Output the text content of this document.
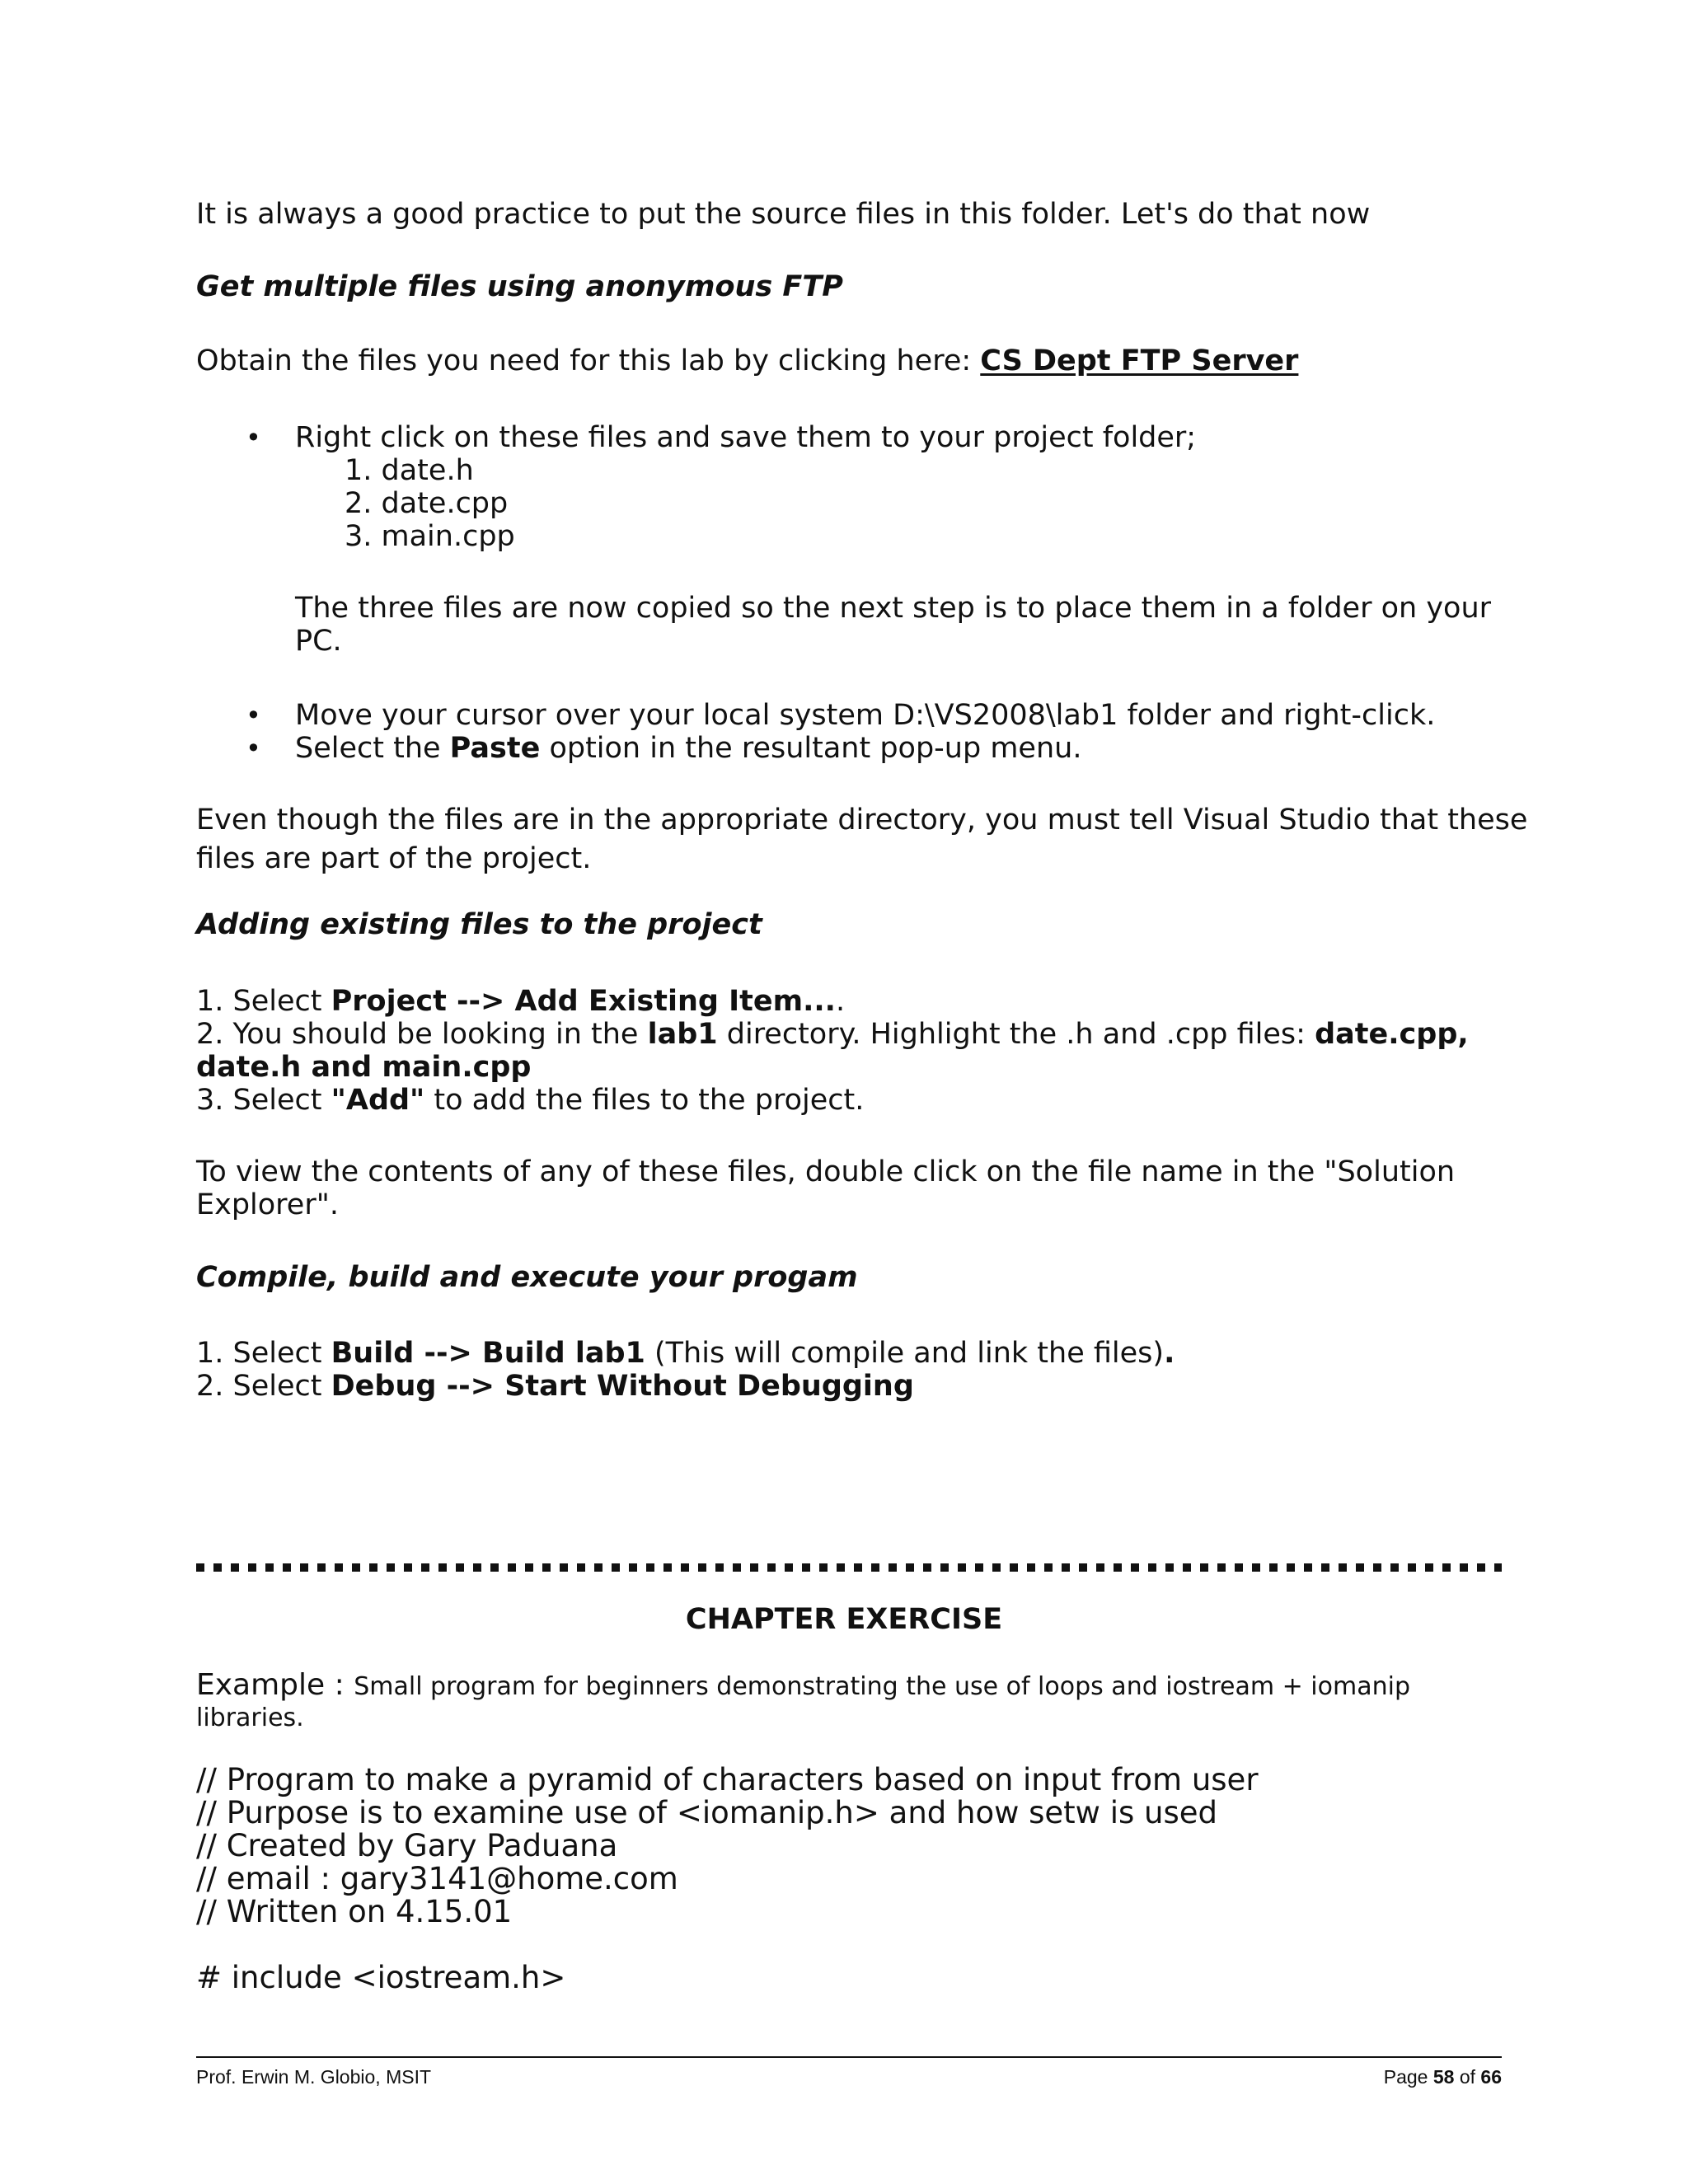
It is always a good practice to put the source files in this folder. Let's do that now

Get multiple files using anonymous FTP

Obtain the files you need for this lab by clicking here: CS Dept FTP Server

• Right click on these files and save them to your project folder;

1. date.h

2. date.cpp

3. main.cpp

The three files are now copied so the next step is to place them in a folder on your

PC.

• Move your cursor over your local system D:\VS2008\lab1 folder and right-click.

• Select the Paste option in the resultant pop-up menu.

Even though the files are in the appropriate directory, you must tell Visual Studio that these

files are part of the project.

Adding existing files to the project

1. Select Project --> Add Existing Item....

2. You should be looking in the lab1 directory. Highlight the .h and .cpp files: date.cpp,

date.h and main.cpp

3. Select "Add" to add the files to the project.

To view the contents of any of these files, double click on the file name in the "Solution

Explorer".

Compile, build and execute your progam

1. Select Build --> Build lab1 (This will compile and link the files).

2. Select Debug --> Start Without Debugging

CHAPTER EXERCISE

Example : Small program for beginners demonstrating the use of loops and iostream + iomanip

libraries.

// Program to make a pyramid of characters based on input from user

// Purpose is to examine use of <iomanip.h> and how setw is used

// Created by Gary Paduana

// email : gary3141@home.com

// Written on 4.15.01

# include <iostream.h>

Prof. Erwin M. Globio, MSIT	Page 58 of 66
